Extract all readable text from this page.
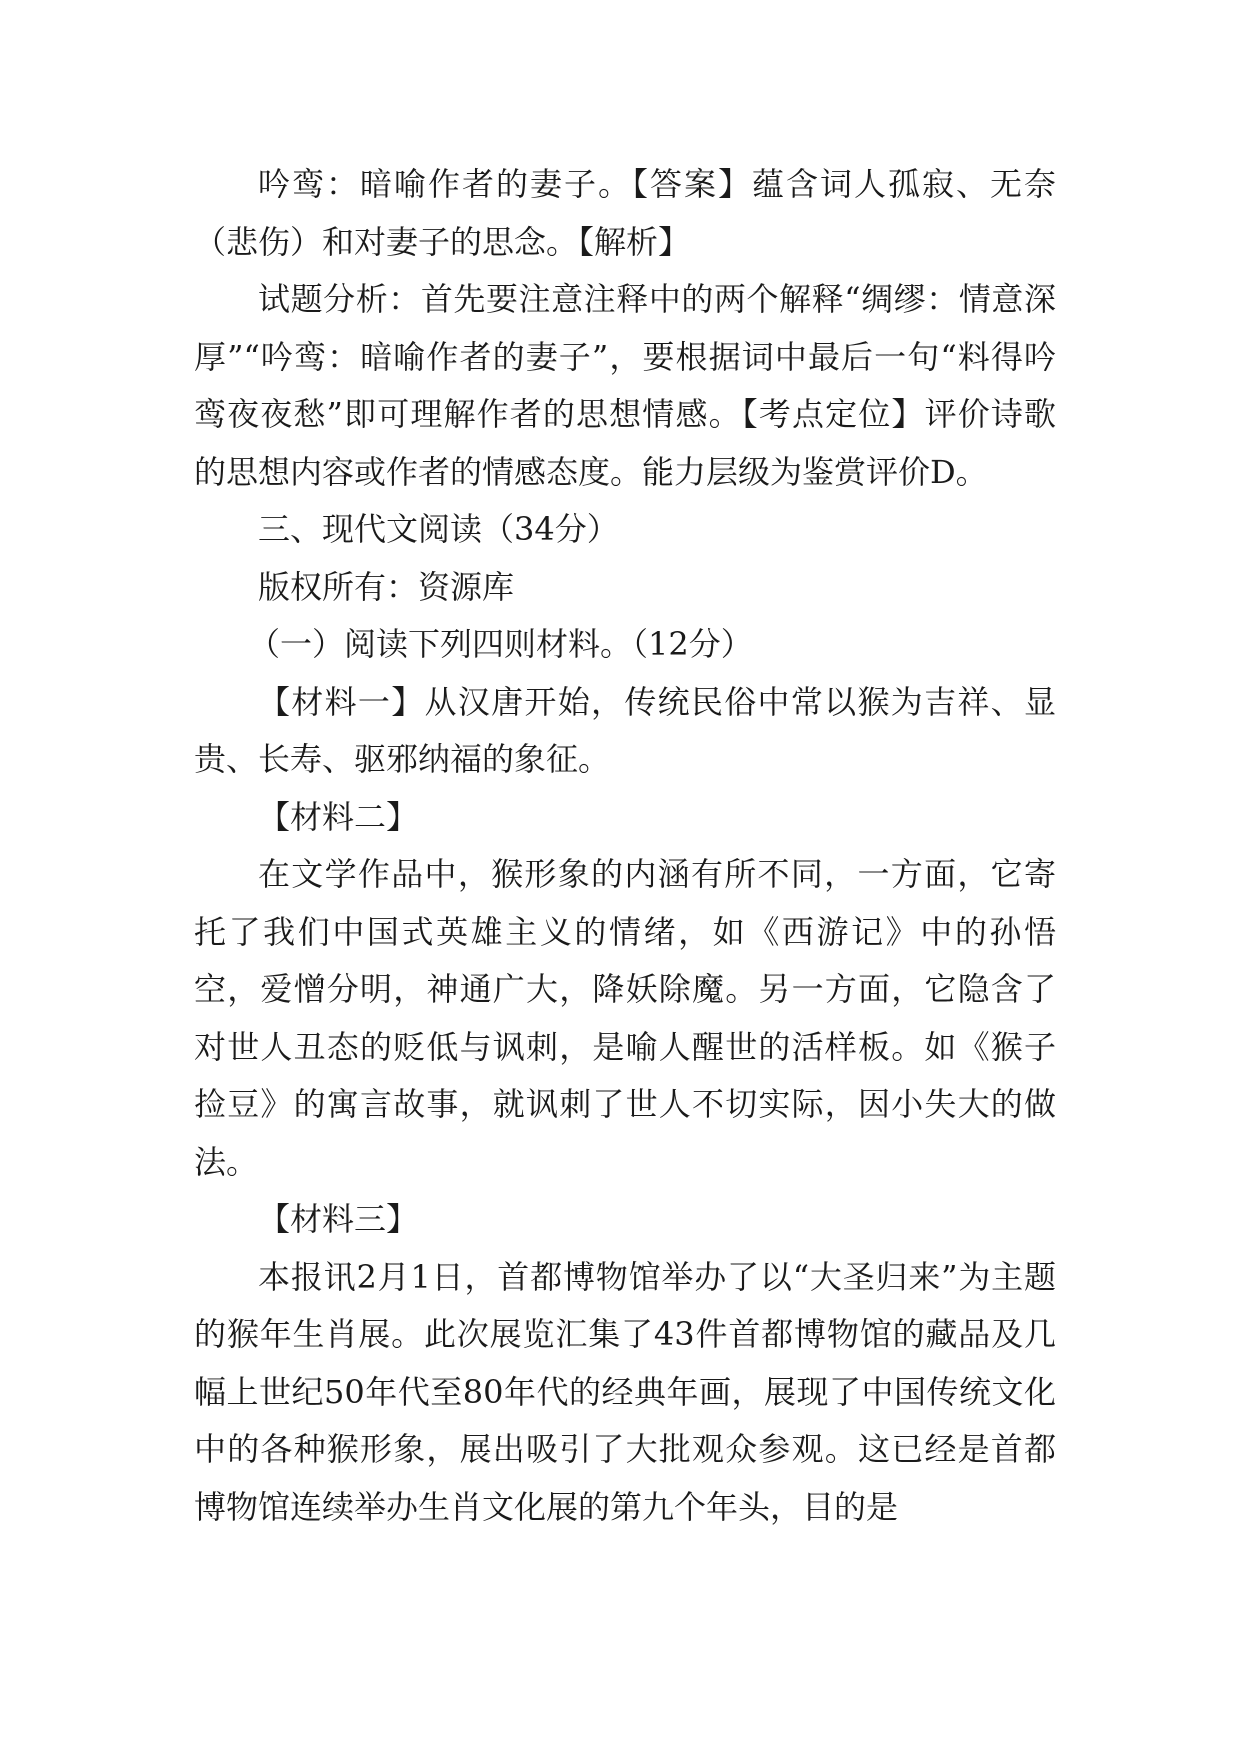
吟鸾：暗喻作者的妻子。【答案】蕴含词人孤寂、无奈（悲伤）和对妻子的思念。【解析】

试题分析：首先要注意注释中的两个解释“绸缪：情意深厚”“吟鸾：暗喻作者的妻子”，要根据词中最后一句“料得吟鸾夜夜愁”即可理解作者的思想情感。【考点定位】评价诗歌的思想内容或作者的情感态度。能力层级为鉴赏评价D。

三、现代文阅读（34分）

版权所有：资源库

（一）阅读下列四则材料。（12分）

【材料一】从汉唐开始，传统民俗中常以猴为吉祥、显贵、长寿、驱邪纳福的象征。

【材料二】

在文学作品中，猴形象的内涵有所不同，一方面，它寄托了我们中国式英雄主义的情绪，如《西游记》中的孙悟空，爱憎分明，神通广大，降妖除魔。另一方面，它隐含了对世人丑态的贬低与讽刺，是喻人醒世的活样板。如《猴子捡豆》的寓言故事，就讽刺了世人不切实际，因小失大的做法。

【材料三】

本报讯2月1日，首都博物馆举办了以“大圣归来”为主题的猴年生肖展。此次展览汇集了43件首都博物馆的藏品及几幅上世纪50年代至80年代的经典年画，展现了中国传统文化中的各种猴形象，展出吸引了大批观众参观。这已经是首都博物馆连续举办生肖文化展的第九个年头，目的是
